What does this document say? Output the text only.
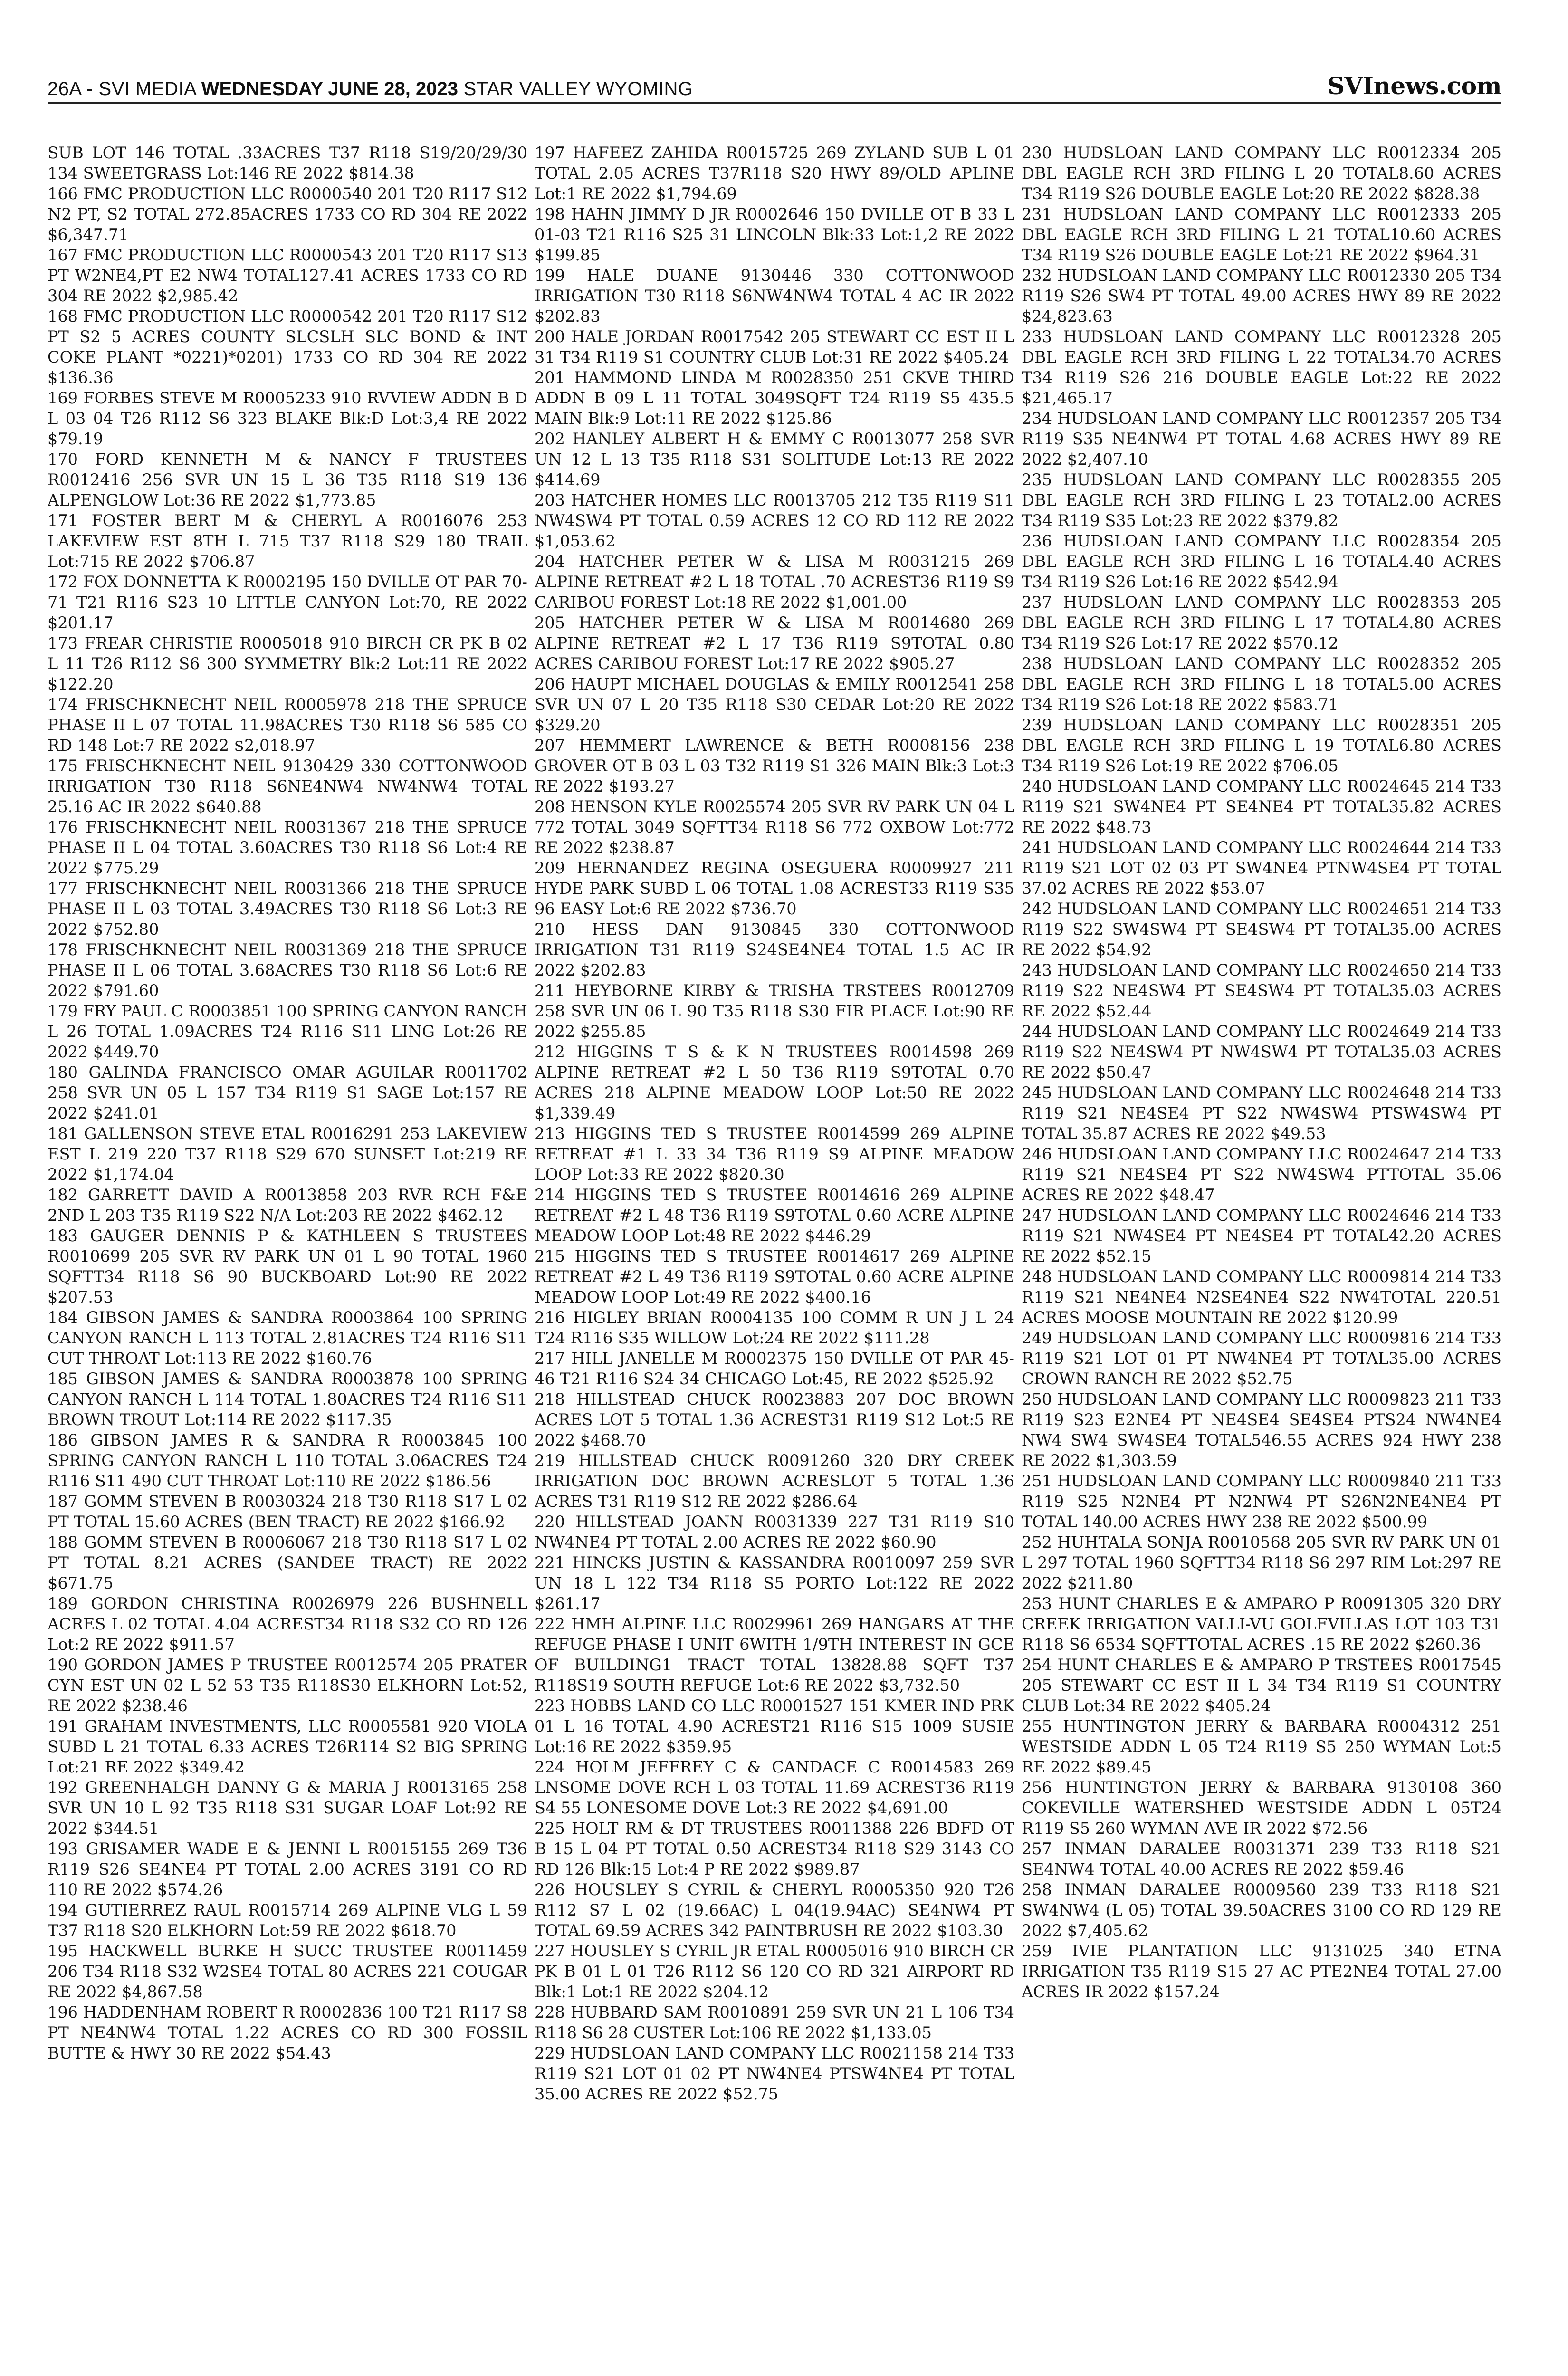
26A - SVI MEDIA WEDNESDAY JUNE 28, 2023 STAR VALLEY WYOMING	SVInews.com

SUB LOT 146 TOTAL .33ACRES T37 R118 S19/20/29/30 134 SWEETGRASS Lot:146 RE 2022 $814.38

166 FMC PRODUCTION LLC R0000540 201 T20 R117 S12 N2 PT, S2 TOTAL 272.85ACRES 1733 CO RD 304 RE 2022 $6,347.71

167 FMC PRODUCTION LLC R0000543 201 T20 R117 S13 PT W2NE4,PT E2 NW4 TOTAL127.41 ACRES 1733 CO RD 304 RE 2022 $2,985.42

168 FMC PRODUCTION LLC R0000542 201 T20 R117 S12 PT S2 5 ACRES COUNTY SLCSLH SLC BOND & INT COKE PLANT *0221)*0201) 1733 CO RD 304 RE 2022 $136.36

169 FORBES STEVE M R0005233 910 RVVIEW ADDN B D L 03 04 T26 R112 S6 323 BLAKE Blk:D Lot:3,4 RE 2022 $79.19

170 FORD KENNETH M & NANCY F TRUSTEES R0012416 256 SVR UN 15 L 36 T35 R118 S19 136 ALPENGLOW Lot:36 RE 2022 $1,773.85

171 FOSTER BERT M & CHERYL A R0016076 253 LAKEVIEW EST 8TH L 715 T37 R118 S29 180 TRAIL Lot:715 RE 2022 $706.87

172 FOX DONNETTA K R0002195 150 DVILLE OT PAR 70-71 T21 R116 S23 10 LITTLE CANYON Lot:70, RE 2022 $201.17

173 FREAR CHRISTIE R0005018 910 BIRCH CR PK B 02 L 11 T26 R112 S6 300 SYMMETRY Blk:2 Lot:11 RE 2022 $122.20

174 FRISCHKNECHT NEIL R0005978 218 THE SPRUCE PHASE II L 07 TOTAL 11.98ACRES T30 R118 S6 585 CO RD 148 Lot:7 RE 2022 $2,018.97

175 FRISCHKNECHT NEIL 9130429 330 COTTONWOOD IRRIGATION T30 R118 S6NE4NW4 NW4NW4 TOTAL 25.16 AC IR 2022 $640.88

176 FRISCHKNECHT NEIL R0031367 218 THE SPRUCE PHASE II L 04 TOTAL 3.60ACRES T30 R118 S6 Lot:4 RE 2022 $775.29

177 FRISCHKNECHT NEIL R0031366 218 THE SPRUCE PHASE II L 03 TOTAL 3.49ACRES T30 R118 S6 Lot:3 RE 2022 $752.80

178 FRISCHKNECHT NEIL R0031369 218 THE SPRUCE PHASE II L 06 TOTAL 3.68ACRES T30 R118 S6 Lot:6 RE 2022 $791.60

179 FRY PAUL C R0003851 100 SPRING CANYON RANCH L 26 TOTAL 1.09ACRES T24 R116 S11 LING Lot:26 RE 2022 $449.70

180 GALINDA FRANCISCO OMAR AGUILAR R0011702 258 SVR UN 05 L 157 T34 R119 S1 SAGE Lot:157 RE 2022 $241.01

181 GALLENSON STEVE ETAL R0016291 253 LAKEVIEW EST L 219 220 T37 R118 S29 670 SUNSET Lot:219 RE 2022 $1,174.04

182 GARRETT DAVID A R0013858 203 RVR RCH F&E 2ND L 203 T35 R119 S22 N/A Lot:203 RE 2022 $462.12

183 GAUGER DENNIS P & KATHLEEN S TRUSTEES R0010699 205 SVR RV PARK UN 01 L 90 TOTAL 1960 SQFTT34 R118 S6 90 BUCKBOARD Lot:90 RE 2022 $207.53

184 GIBSON JAMES & SANDRA R0003864 100 SPRING CANYON RANCH L 113 TOTAL 2.81ACRES T24 R116 S11 CUT THROAT Lot:113 RE 2022 $160.76

185 GIBSON JAMES & SANDRA R0003878 100 SPRING CANYON RANCH L 114 TOTAL 1.80ACRES T24 R116 S11 BROWN TROUT Lot:114 RE 2022 $117.35

186 GIBSON JAMES R & SANDRA R R0003845 100 SPRING CANYON RANCH L 110 TOTAL 3.06ACRES T24 R116 S11 490 CUT THROAT Lot:110 RE 2022 $186.56

187 GOMM STEVEN B R0030324 218 T30 R118 S17 L 02 PT TOTAL 15.60 ACRES (BEN TRACT) RE 2022 $166.92

188 GOMM STEVEN B R0006067 218 T30 R118 S17 L 02 PT TOTAL 8.21 ACRES (SANDEE TRACT) RE 2022 $671.75

189 GORDON CHRISTINA R0026979 226 BUSHNELL ACRES L 02 TOTAL 4.04 ACREST34 R118 S32 CO RD 126 Lot:2 RE 2022 $911.57

190 GORDON JAMES P TRUSTEE R0012574 205 PRATER CYN EST UN 02 L 52 53 T35 R118S30 ELKHORN Lot:52, RE 2022 $238.46

191 GRAHAM INVESTMENTS, LLC R0005581 920 VIOLA SUBD L 21 TOTAL 6.33 ACRES T26R114 S2 BIG SPRING Lot:21 RE 2022 $349.42

192 GREENHALGH DANNY G & MARIA J R0013165 258 SVR UN 10 L 92 T35 R118 S31 SUGAR LOAF Lot:92 RE 2022 $344.51

193 GRISAMER WADE E & JENNI L R0015155 269 T36 R119 S26 SE4NE4 PT TOTAL 2.00 ACRES 3191 CO RD 110 RE 2022 $574.26

194 GUTIERREZ RAUL R0015714 269 ALPINE VLG L 59 T37 R118 S20 ELKHORN Lot:59 RE 2022 $618.70

195 HACKWELL BURKE H SUCC TRUSTEE R0011459 206 T34 R118 S32 W2SE4 TOTAL 80 ACRES 221 COUGAR RE 2022 $4,867.58

196 HADDENHAM ROBERT R R0002836 100 T21 R117 S8 PT NE4NW4 TOTAL 1.22 ACRES CO RD 300 FOSSIL BUTTE & HWY 30 RE 2022 $54.43

197 HAFEEZ ZAHIDA R0015725 269 ZYLAND SUB L 01 TOTAL 2.05 ACRES T37R118 S20 HWY 89/OLD APLINE Lot:1 RE 2022 $1,794.69

198 HAHN JIMMY D JR R0002646 150 DVILLE OT B 33 L 01-03 T21 R116 S25 31 LINCOLN Blk:33 Lot:1,2 RE 2022 $199.85

199 HALE DUANE 9130446 330 COTTONWOOD IRRIGATION T30 R118 S6NW4NW4 TOTAL 4 AC IR 2022 $202.83

200 HALE JORDAN R0017542 205 STEWART CC EST II L 31 T34 R119 S1 COUNTRY CLUB Lot:31 RE 2022 $405.24

201 HAMMOND LINDA M R0028350 251 CKVE THIRD ADDN B 09 L 11 TOTAL 3049SQFT T24 R119 S5 435.5 MAIN Blk:9 Lot:11 RE 2022 $125.86

202 HANLEY ALBERT H & EMMY C R0013077 258 SVR UN 12 L 13 T35 R118 S31 SOLITUDE Lot:13 RE 2022 $414.69

203 HATCHER HOMES LLC R0013705 212 T35 R119 S11 NW4SW4 PT TOTAL 0.59 ACRES 12 CO RD 112 RE 2022 $1,053.62

204 HATCHER PETER W & LISA M R0031215 269 ALPINE RETREAT #2 L 18 TOTAL .70 ACREST36 R119 S9 CARIBOU FOREST Lot:18 RE 2022 $1,001.00

205 HATCHER PETER W & LISA M R0014680 269 ALPINE RETREAT #2 L 17 T36 R119 S9TOTAL 0.80 ACRES CARIBOU FOREST Lot:17 RE 2022 $905.27

206 HAUPT MICHAEL DOUGLAS & EMILY R0012541 258 SVR UN 07 L 20 T35 R118 S30 CEDAR Lot:20 RE 2022 $329.20

207 HEMMERT LAWRENCE & BETH R0008156 238 GROVER OT B 03 L 03 T32 R119 S1 326 MAIN Blk:3 Lot:3 RE 2022 $193.27

208 HENSON KYLE R0025574 205 SVR RV PARK UN 04 L 772 TOTAL 3049 SQFTT34 R118 S6 772 OXBOW Lot:772 RE 2022 $238.87

209 HERNANDEZ REGINA OSEGUERA R0009927 211 HYDE PARK SUBD L 06 TOTAL 1.08 ACREST33 R119 S35 96 EASY Lot:6 RE 2022 $736.70

210 HESS DAN 9130845 330 COTTONWOOD IRRIGATION T31 R119 S24SE4NE4 TOTAL 1.5 AC IR 2022 $202.83

211 HEYBORNE KIRBY & TRISHA TRSTEES R0012709 258 SVR UN 06 L 90 T35 R118 S30 FIR PLACE Lot:90 RE 2022 $255.85

212 HIGGINS T S & K N TRUSTEES R0014598 269 ALPINE RETREAT #2 L 50 T36 R119 S9TOTAL 0.70 ACRES 218 ALPINE MEADOW LOOP Lot:50 RE 2022 $1,339.49

213 HIGGINS TED S TRUSTEE R0014599 269 ALPINE RETREAT #1 L 33 34 T36 R119 S9 ALPINE MEADOW LOOP Lot:33 RE 2022 $820.30

214 HIGGINS TED S TRUSTEE R0014616 269 ALPINE RETREAT #2 L 48 T36 R119 S9TOTAL 0.60 ACRE ALPINE MEADOW LOOP Lot:48 RE 2022 $446.29

215 HIGGINS TED S TRUSTEE R0014617 269 ALPINE RETREAT #2 L 49 T36 R119 S9TOTAL 0.60 ACRE ALPINE MEADOW LOOP Lot:49 RE 2022 $400.16

216 HIGLEY BRIAN R0004135 100 COMM R UN J L 24 T24 R116 S35 WILLOW Lot:24 RE 2022 $111.28

217 HILL JANELLE M R0002375 150 DVILLE OT PAR 45-46 T21 R116 S24 34 CHICAGO Lot:45, RE 2022 $525.92

218 HILLSTEAD CHUCK R0023883 207 DOC BROWN ACRES LOT 5 TOTAL 1.36 ACREST31 R119 S12 Lot:5 RE 2022 $468.70

219 HILLSTEAD CHUCK R0091260 320 DRY CREEK IRRIGATION DOC BROWN ACRESLOT 5 TOTAL 1.36 ACRES T31 R119 S12 RE 2022 $286.64

220 HILLSTEAD JOANN R0031339 227 T31 R119 S10 NW4NE4 PT TOTAL 2.00 ACRES RE 2022 $60.90

221 HINCKS JUSTIN & KASSANDRA R0010097 259 SVR UN 18 L 122 T34 R118 S5 PORTO Lot:122 RE 2022 $261.17

222 HMH ALPINE LLC R0029961 269 HANGARS AT THE REFUGE PHASE I UNIT 6WITH 1/9TH INTEREST IN GCE OF BUILDING1 TRACT TOTAL 13828.88 SQFT T37 R118S19 SOUTH REFUGE Lot:6 RE 2022 $3,732.50

223 HOBBS LAND CO LLC R0001527 151 KMER IND PRK 01 L 16 TOTAL 4.90 ACREST21 R116 S15 1009 SUSIE Lot:16 RE 2022 $359.95

224 HOLM JEFFREY C & CANDACE C R0014583 269 LNSOME DOVE RCH L 03 TOTAL 11.69 ACREST36 R119 S4 55 LONESOME DOVE Lot:3 RE 2022 $4,691.00

225 HOLT RM & DT TRUSTEES R0011388 226 BDFD OT B 15 L 04 PT TOTAL 0.50 ACREST34 R118 S29 3143 CO RD 126 Blk:15 Lot:4 P RE 2022 $989.87

226 HOUSLEY S CYRIL & CHERYL R0005350 920 T26 R112 S7 L 02 (19.66AC) L 04(19.94AC) SE4NW4 PT TOTAL 69.59 ACRES 342 PAINTBRUSH RE 2022 $103.30

227 HOUSLEY S CYRIL JR ETAL R0005016 910 BIRCH CR PK B 01 L 01 T26 R112 S6 120 CO RD 321 AIRPORT RD Blk:1 Lot:1 RE 2022 $204.12

228 HUBBARD SAM R0010891 259 SVR UN 21 L 106 T34 R118 S6 28 CUSTER Lot:106 RE 2022 $1,133.05

229 HUDSLOAN LAND COMPANY LLC R0021158 214 T33 R119 S21 LOT 01 02 PT NW4NE4 PTSW4NE4 PT TOTAL 35.00 ACRES RE 2022 $52.75

230 HUDSLOAN LAND COMPANY LLC R0012334 205 DBL EAGLE RCH 3RD FILING L 20 TOTAL8.60 ACRES T34 R119 S26 DOUBLE EAGLE Lot:20 RE 2022 $828.38

231 HUDSLOAN LAND COMPANY LLC R0012333 205 DBL EAGLE RCH 3RD FILING L 21 TOTAL10.60 ACRES T34 R119 S26 DOUBLE EAGLE Lot:21 RE 2022 $964.31

232 HUDSLOAN LAND COMPANY LLC R0012330 205 T34 R119 S26 SW4 PT TOTAL 49.00 ACRES HWY 89 RE 2022 $24,823.63

233 HUDSLOAN LAND COMPANY LLC R0012328 205 DBL EAGLE RCH 3RD FILING L 22 TOTAL34.70 ACRES T34 R119 S26 216 DOUBLE EAGLE Lot:22 RE 2022 $21,465.17

234 HUDSLOAN LAND COMPANY LLC R0012357 205 T34 R119 S35 NE4NW4 PT TOTAL 4.68 ACRES HWY 89 RE 2022 $2,407.10

235 HUDSLOAN LAND COMPANY LLC R0028355 205 DBL EAGLE RCH 3RD FILING L 23 TOTAL2.00 ACRES T34 R119 S35 Lot:23 RE 2022 $379.82

236 HUDSLOAN LAND COMPANY LLC R0028354 205 DBL EAGLE RCH 3RD FILING L 16 TOTAL4.40 ACRES T34 R119 S26 Lot:16 RE 2022 $542.94

237 HUDSLOAN LAND COMPANY LLC R0028353 205 DBL EAGLE RCH 3RD FILING L 17 TOTAL4.80 ACRES T34 R119 S26 Lot:17 RE 2022 $570.12

238 HUDSLOAN LAND COMPANY LLC R0028352 205 DBL EAGLE RCH 3RD FILING L 18 TOTAL5.00 ACRES T34 R119 S26 Lot:18 RE 2022 $583.71

239 HUDSLOAN LAND COMPANY LLC R0028351 205 DBL EAGLE RCH 3RD FILING L 19 TOTAL6.80 ACRES T34 R119 S26 Lot:19 RE 2022 $706.05

240 HUDSLOAN LAND COMPANY LLC R0024645 214 T33 R119 S21 SW4NE4 PT SE4NE4 PT TOTAL35.82 ACRES RE 2022 $48.73

241 HUDSLOAN LAND COMPANY LLC R0024644 214 T33 R119 S21 LOT 02 03 PT SW4NE4 PTNW4SE4 PT TOTAL 37.02 ACRES RE 2022 $53.07

242 HUDSLOAN LAND COMPANY LLC R0024651 214 T33 R119 S22 SW4SW4 PT SE4SW4 PT TOTAL35.00 ACRES RE 2022 $54.92

243 HUDSLOAN LAND COMPANY LLC R0024650 214 T33 R119 S22 NE4SW4 PT SE4SW4 PT TOTAL35.03 ACRES RE 2022 $52.44

244 HUDSLOAN LAND COMPANY LLC R0024649 214 T33 R119 S22 NE4SW4 PT NW4SW4 PT TOTAL35.03 ACRES RE 2022 $50.47

245 HUDSLOAN LAND COMPANY LLC R0024648 214 T33 R119 S21 NE4SE4 PT S22 NW4SW4 PTSW4SW4 PT TOTAL 35.87 ACRES RE 2022 $49.53

246 HUDSLOAN LAND COMPANY LLC R0024647 214 T33 R119 S21 NE4SE4 PT S22 NW4SW4 PTTOTAL 35.06 ACRES RE 2022 $48.47

247 HUDSLOAN LAND COMPANY LLC R0024646 214 T33 R119 S21 NW4SE4 PT NE4SE4 PT TOTAL42.20 ACRES RE 2022 $52.15

248 HUDSLOAN LAND COMPANY LLC R0009814 214 T33 R119 S21 NE4NE4 N2SE4NE4 S22 NW4TOTAL 220.51 ACRES MOOSE MOUNTAIN RE 2022 $120.99

249 HUDSLOAN LAND COMPANY LLC R0009816 214 T33 R119 S21 LOT 01 PT NW4NE4 PT TOTAL35.00 ACRES CROWN RANCH RE 2022 $52.75

250 HUDSLOAN LAND COMPANY LLC R0009823 211 T33 R119 S23 E2NE4 PT NE4SE4 SE4SE4 PTS24 NW4NE4 NW4 SW4 SW4SE4 TOTAL546.55 ACRES 924 HWY 238 RE 2022 $1,303.59

251 HUDSLOAN LAND COMPANY LLC R0009840 211 T33 R119 S25 N2NE4 PT N2NW4 PT S26N2NE4NE4 PT TOTAL 140.00 ACRES HWY 238 RE 2022 $500.99

252 HUHTALA SONJA R0010568 205 SVR RV PARK UN 01 L 297 TOTAL 1960 SQFTT34 R118 S6 297 RIM Lot:297 RE 2022 $211.80

253 HUNT CHARLES E & AMPARO P R0091305 320 DRY CREEK IRRIGATION VALLI-VU GOLFVILLAS LOT 103 T31 R118 S6 6534 SQFTTOTAL ACRES .15 RE 2022 $260.36

254 HUNT CHARLES E & AMPARO P TRSTEES R0017545 205 STEWART CC EST II L 34 T34 R119 S1 COUNTRY CLUB Lot:34 RE 2022 $405.24

255 HUNTINGTON JERRY & BARBARA R0004312 251 WESTSIDE ADDN L 05 T24 R119 S5 250 WYMAN Lot:5 RE 2022 $89.45

256 HUNTINGTON JERRY & BARBARA 9130108 360 COKEVILLE WATERSHED WESTSIDE ADDN L 05T24 R119 S5 260 WYMAN AVE IR 2022 $72.56

257 INMAN DARALEE R0031371 239 T33 R118 S21 SE4NW4 TOTAL 40.00 ACRES RE 2022 $59.46

258 INMAN DARALEE R0009560 239 T33 R118 S21 SW4NW4 (L 05) TOTAL 39.50ACRES 3100 CO RD 129 RE 2022 $7,405.62

259 IVIE PLANTATION LLC 9131025 340 ETNA IRRIGATION T35 R119 S15 27 AC PTE2NE4 TOTAL 27.00 ACRES IR 2022 $157.24
